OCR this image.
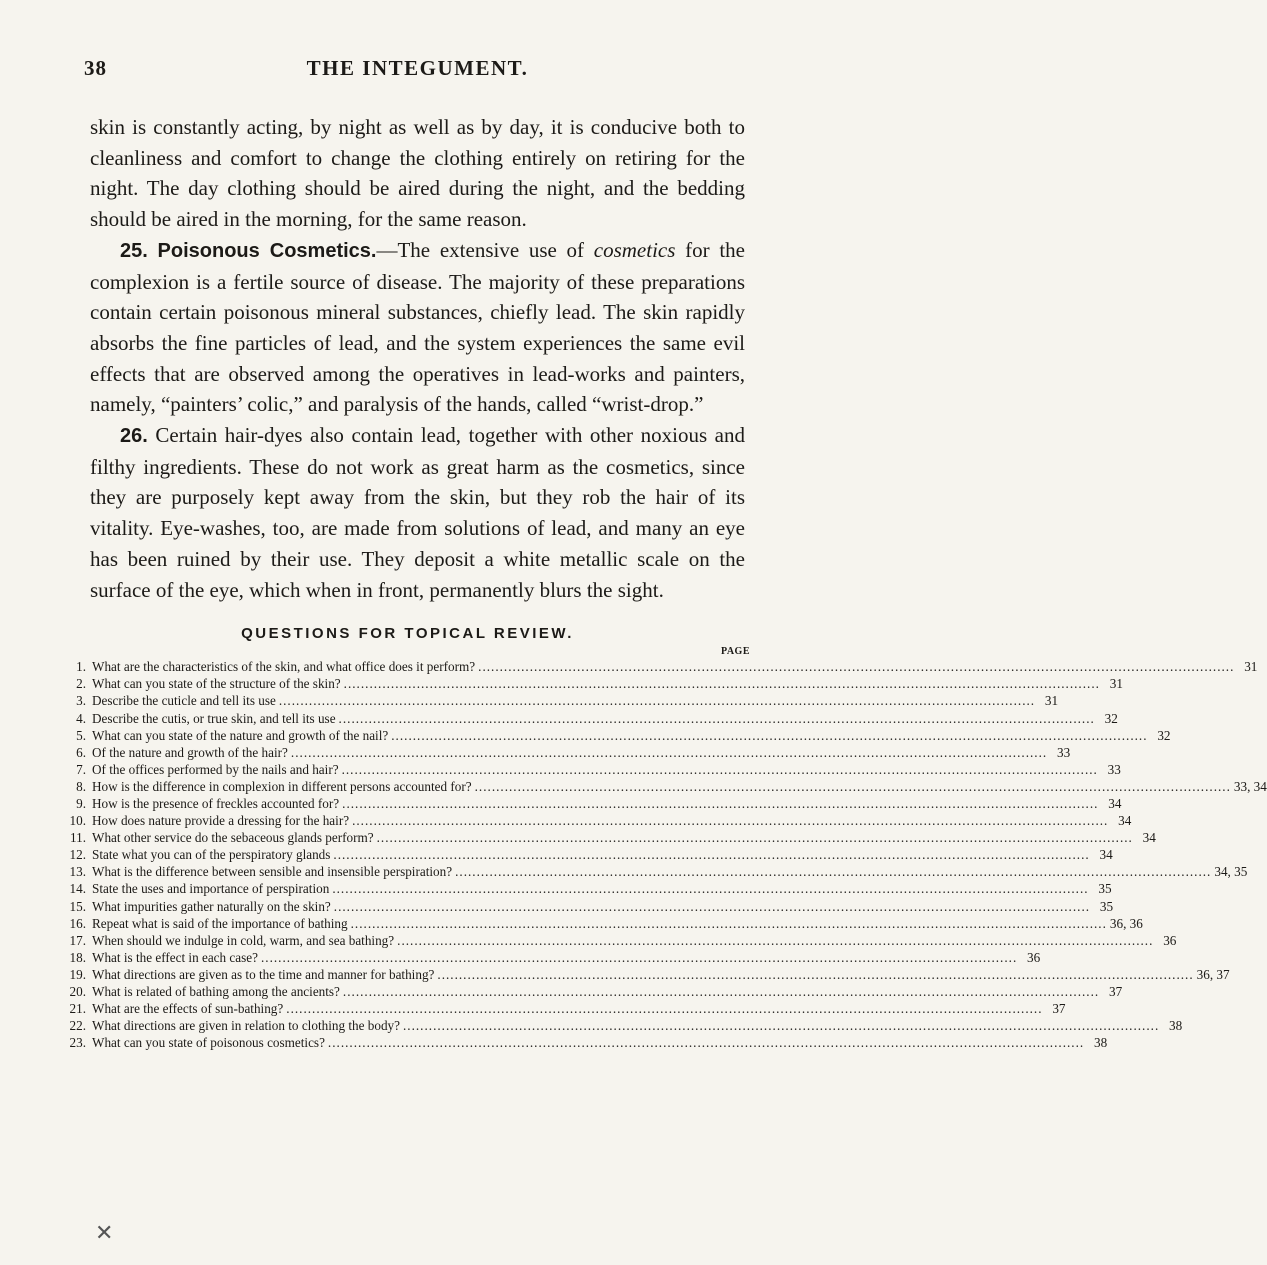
38	THE INTEGUMENT.

skin is constantly acting, by night as well as by day, it is conducive both to cleanliness and comfort to change the clothing entirely on retiring for the night. The day clothing should be aired during the night, and the bedding should be aired in the morning, for the same reason.

25. Poisonous Cosmetics.—The extensive use of cosmetics for the complexion is a fertile source of disease. The majority of these preparations contain certain poisonous mineral substances, chiefly lead. The skin rapidly absorbs the fine particles of lead, and the system experiences the same evil effects that are observed among the operatives in lead-works and painters, namely, “painters’ colic,” and paralysis of the hands, called “wrist-drop.”

26. Certain hair-dyes also contain lead, together with other noxious and filthy ingredients. These do not work as great harm as the cosmetics, since they are purposely kept away from the skin, but they rob the hair of its vitality. Eye-washes, too, are made from solutions of lead, and many an eye has been ruined by their use. They deposit a white metallic scale on the surface of the eye, which when in front, permanently blurs the sight.

QUESTIONS FOR TOPICAL REVIEW.
PAGE
1. What are the characteristics of the skin, and what office does it perform? .....	31
2. What can you state of the structure of the skin? .....	31
3. Describe the cuticle and tell its use .....	31
4. Describe the cutis, or true skin, and tell its use .....	32
5. What can you state of the nature and growth of the nail? .....	32
6. Of the nature and growth of the hair? .....	33
7. Of the offices performed by the nails and hair? .....	33
8. How is the difference in complexion in different persons accounted for? .....	33, 34
9. How is the presence of freckles accounted for? .....	34
10. How does nature provide a dressing for the hair? .....	34
11. What other service do the sebaceous glands perform? .....	34
12. State what you can of the perspiratory glands .....	34
13. What is the difference between sensible and insensible perspiration? .....	34, 35
14. State the uses and importance of perspiration .....	35
15. What impurities gather naturally on the skin? .....	35
16. Repeat what is said of the importance of bathing .....	36, 36
17. When should we indulge in cold, warm, and sea bathing? .....	36
18. What is the effect in each case? .....	36
19. What directions are given as to the time and manner for bathing? .....	36, 37
20. What is related of bathing among the ancients? .....	37
21. What are the effects of sun-bathing? .....	37
22. What directions are given in relation to clothing the body? .....	38
23. What can you state of poisonous cosmetics? .....	38
✕
